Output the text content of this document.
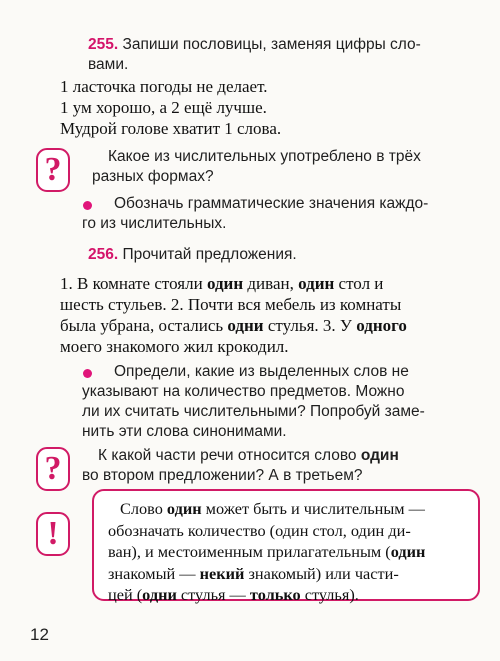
255. Запиши пословицы, заменяя цифры сло-
вами.
1 ласточка погоды не делает.
1 ум хорошо, а 2 ещё лучше.
Мудрой голове хватит 1 слова.
?	Какое из числительных употреблено в трёх
разных формах?
Обозначь грамматические значения каждо-
го из числительных.
256. Прочитай предложения.
1. В комнате стояли один диван, один стол и
шесть стульев. 2. Почти вся мебель из комнаты
была убрана, остались одни стулья. 3. У одного
моего знакомого жил крокодил.
Определи, какие из выделенных слов не
указывают на количество предметов. Можно
ли их считать числительными? Попробуй заме-
нить эти слова синонимами.
?	К какой части речи относится слово один
во втором предложении? А в третьем?
!
Слово один может быть и числительным —
обозначать количество (один стол, один ди-
ван), и местоименным прилагательным (один
знакомый — некий знакомый) или части-
цей (одни стулья — только стулья).
12
